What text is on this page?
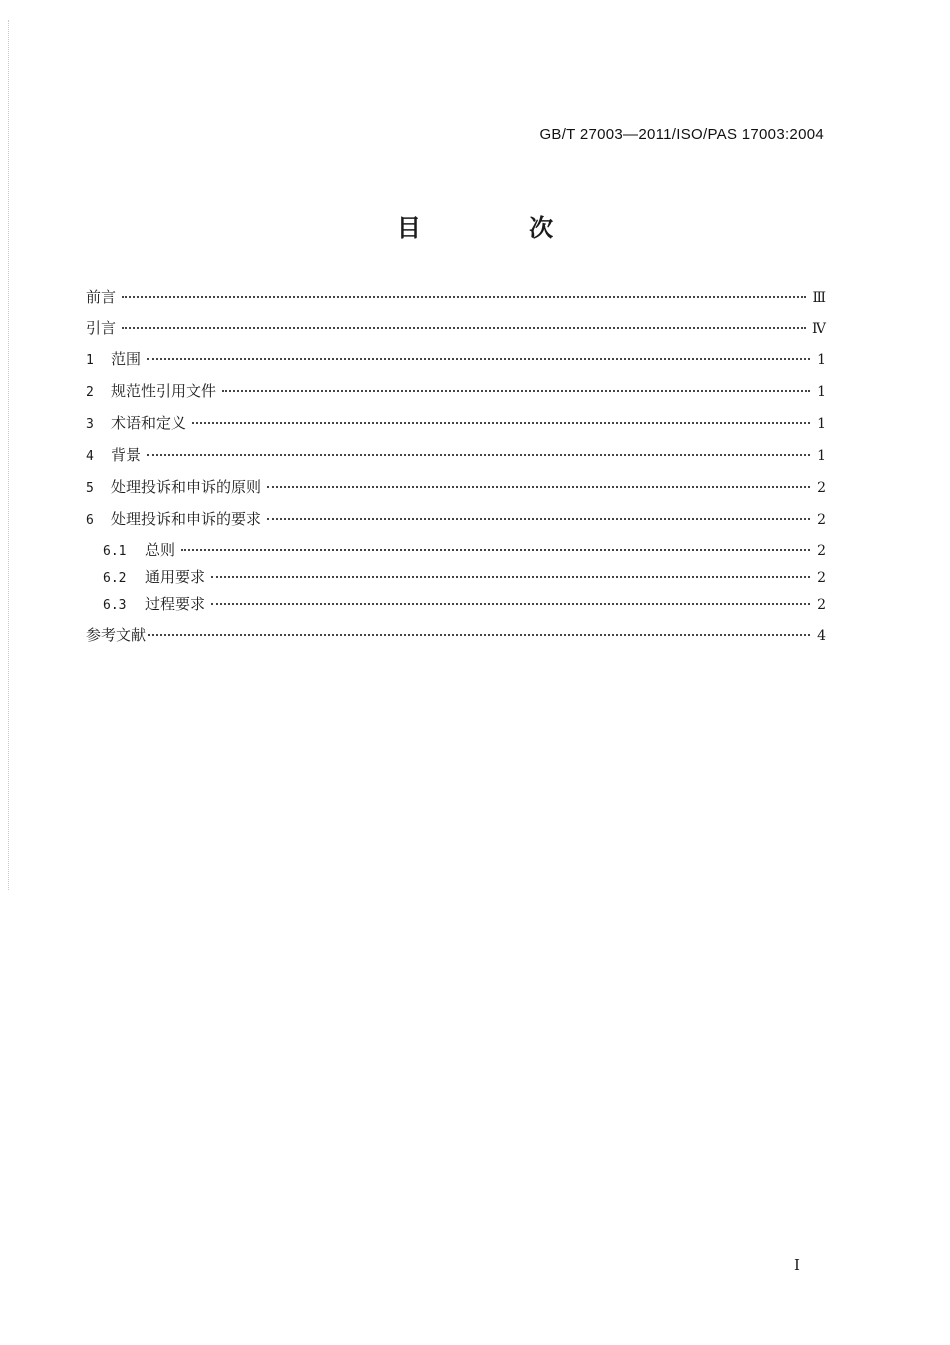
GB/T 27003—2011/ISO/PAS 17003:2004
目 次
前言	Ⅲ
引言	Ⅳ
1	范围	1
2	规范性引用文件	1
3	术语和定义	1
4	背景	1
5	处理投诉和申诉的原则	2
6	处理投诉和申诉的要求	2
6.1	总则	2
6.2	通用要求	2
6.3	过程要求	2
参考文献	4
Ⅰ
